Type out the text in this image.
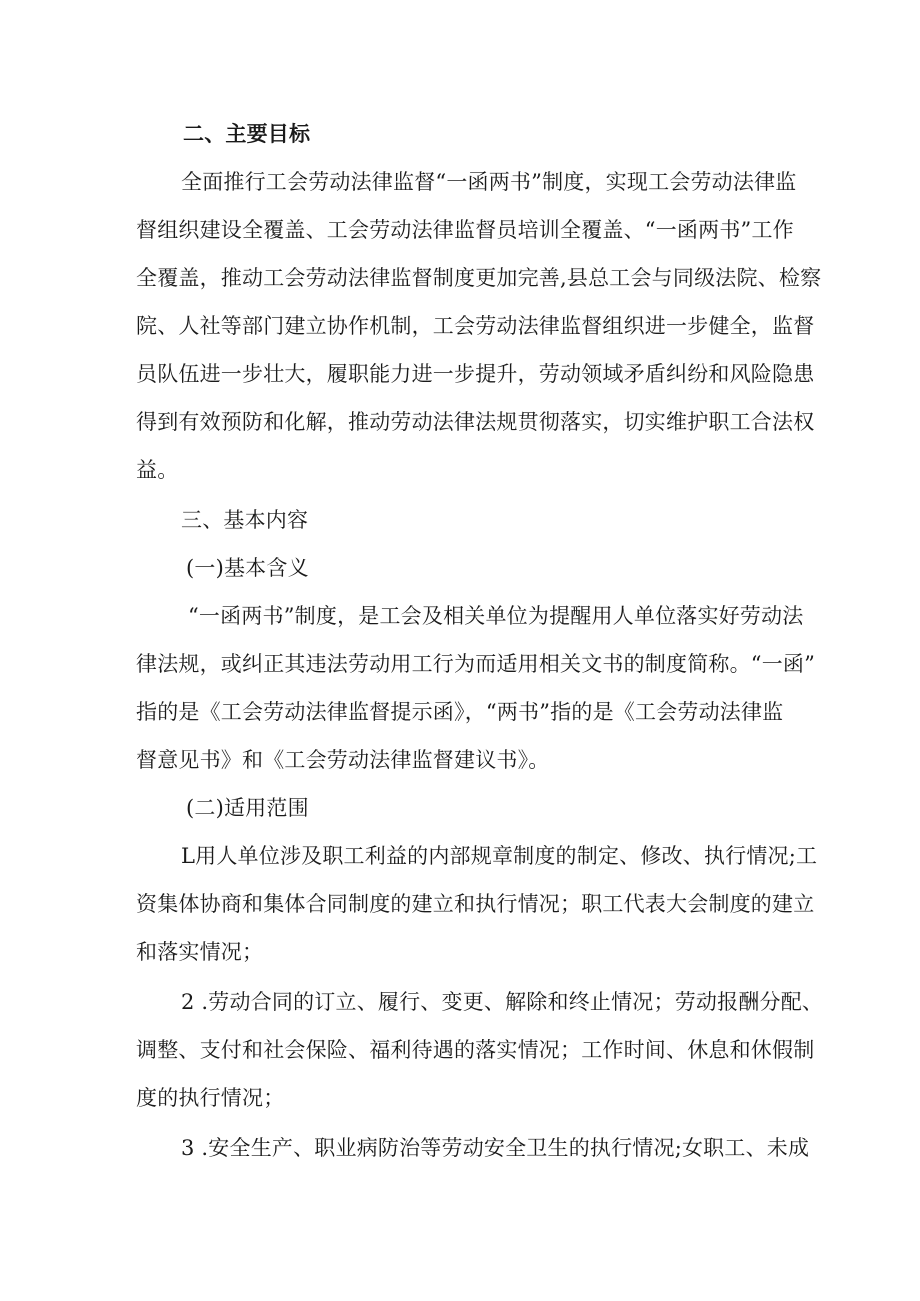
二、主要目标
全面推行工会劳动法律监督“一函两书”制度，实现工会劳动法律监
督组织建设全覆盖、工会劳动法律监督员培训全覆盖、“一函两书”工作
全覆盖，推动工会劳动法律监督制度更加完善,县总工会与同级法院、检察
院、人社等部门建立协作机制，工会劳动法律监督组织进一步健全，监督
员队伍进一步壮大，履职能力进一步提升，劳动领域矛盾纠纷和风险隐患
得到有效预防和化解，推动劳动法律法规贯彻落实，切实维护职工合法权
益。
三、基本内容
(一)基本含义
“一函两书”制度，是工会及相关单位为提醒用人单位落实好劳动法
律法规，或纠正其违法劳动用工行为而适用相关文书的制度简称。“一函”
指的是《工会劳动法律监督提示函》，“两书”指的是《工会劳动法律监
督意见书》和《工会劳动法律监督建议书》。
(二)适用范围
L用人单位涉及职工利益的内部规章制度的制定、修改、执行情况;工
资集体协商和集体合同制度的建立和执行情况；职工代表大会制度的建立
和落实情况；
2 .劳动合同的订立、履行、变更、解除和终止情况；劳动报酬分配、
调整、支付和社会保险、福利待遇的落实情况；工作时间、休息和休假制
度的执行情况；
3 .安全生产、职业病防治等劳动安全卫生的执行情况;女职工、未成
